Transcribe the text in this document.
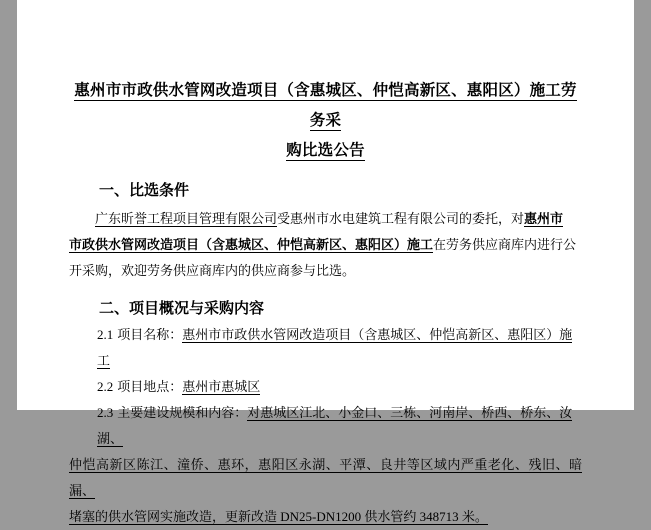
惠州市市政供水管网改造项目（含惠城区、仲恺高新区、惠阳区）施工劳务采
购比选公告
一、比选条件
广东昕誉工程项目管理有限公司受惠州市水电建筑工程有限公司的委托，对惠州市
市政供水管网改造项目（含惠城区、仲恺高新区、惠阳区）施工在劳务供应商库内进行公
开采购，欢迎劳务供应商库内的供应商参与比选。
二、项目概况与采购内容
2.1 项目名称：惠州市市政供水管网改造项目（含惠城区、仲恺高新区、惠阳区）施工
2.2 项目地点：惠州市惠城区
2.3 主要建设规模和内容：对惠城区江北、小金口、三栋、河南岸、桥西、桥东、汝湖、
仲恺高新区陈江、潼侨、惠环，惠阳区永湖、平潭、良井等区域内严重老化、残旧、暗漏、
堵塞的供水管网实施改造，更新改造 DN25-DN1200 供水管约 348713 米。
